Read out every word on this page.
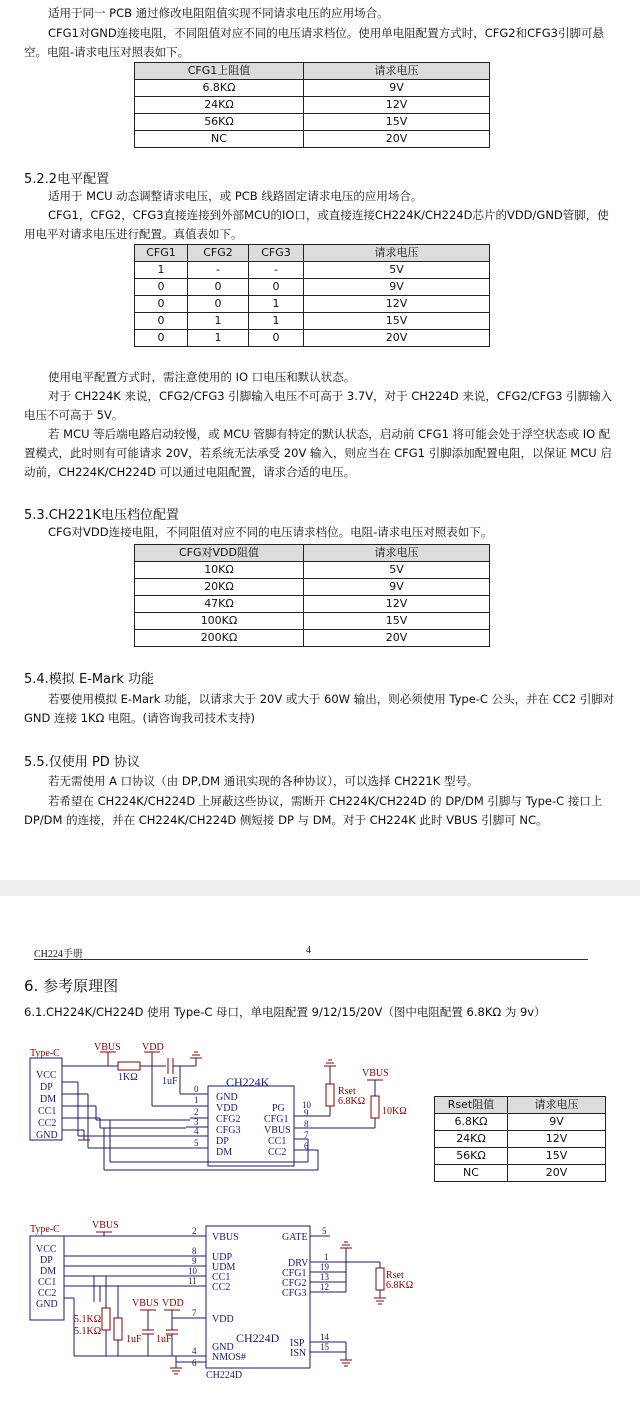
适用于同一 PCB 通过修改电阻阻值实现不同请求电压的应用场合。

CFG1对GND连接电阻，不同阻值对应不同的电压请求档位。使用单电阻配置方式时，CFG2和CFG3引脚可悬空。电阻-请求电压对照表如下。

CFG1上阻值	请求电压
6.8KΩ	9V
24KΩ	12V
56KΩ	15V
NC	20V
5.2.2电平配置

适用于 MCU 动态调整请求电压，或 PCB 线路固定请求电压的应用场合。

CFG1，CFG2，CFG3直接连接到外部MCU的IO口，或直接连接CH224K/CH224D芯片的VDD/GND管脚，使用电平对请求电压进行配置。真值表如下。

CFG1	CFG2	CFG3	请求电压
1	-	-	5V
0	0	0	9V
0	0	1	12V
0	1	1	15V
0	1	0	20V

使用电平配置方式时，需注意使用的 IO 口电压和默认状态。

对于 CH224K 来说，CFG2/CFG3 引脚输入电压不可高于 3.7V，对于 CH224D 来说，CFG2/CFG3 引脚输入电压不可高于 5V。

若 MCU 等后端电路启动较慢，或 MCU 管脚有特定的默认状态，启动前 CFG1 将可能会处于浮空状态或 IO 配置模式，此时则有可能请求 20V，若系统无法承受 20V 输入，则应当在 CFG1 引脚添加配置电阻，以保证 MCU 启动前，CH224K/CH224D 可以通过电阻配置，请求合适的电压。

5.3.CH221K电压档位配置

CFG对VDD连接电阻，不同阻值对应不同的电压请求档位。电阻-请求电压对照表如下。

CFG对VDD阻值	请求电压
10KΩ	5V
20KΩ	9V
47KΩ	12V
100KΩ	15V
200KΩ	20V
5.4.模拟 E-Mark 功能

若要使用模拟 E-Mark 功能，以请求大于 20V 或大于 60W 输出，则必须使用 Type-C 公头，并在 CC2 引脚对 GND 连接 1KΩ 电阻。(请咨询我司技术支持)

5.5.仅使用 PD 协议

若无需使用 A 口协议（由 DP,DM 通讯实现的各种协议），可以选择 CH221K 型号。

若希望在 CH224K/CH224D 上屏蔽这些协议，需断开 CH224K/CH224D 的 DP/DM 引脚与 Type-C 接口上 DP/DM 的连接，并在 CH224K/CH224D 侧短接 DP 与 DM。对于 CH224K 此时 VBUS 引脚可 NC。

CH224手册	4
6. 参考原理图

6.1.CH224K/CH224D 使用 Type-C 母口，单电阻配置 9/12/15/20V（图中电阻配置 6.8KΩ 为 9v）

Type-C
VCC
DP
DM
CC1
CC2
GND
VBUS VDD
1KΩ 1uF	CH224K
GND
VDD
CFG2
CFG3
DP
DM
0
1
2
3
4
5
PG
CFG1
VBUS
CC1
CC2
10
9
8
7
6
Rset
6.8KΩ
VBUS
10KΩ
Rset阻值	请求电压
6.8KΩ	9V
24KΩ	12V
56KΩ	15V
NC	20V
Type-C
VCC
DP
DM
CC1
CC2
GND
VBUS
VBUS VDD
5.1KΩ
5.1KΩ
1uF 1uF
VBUS
UDP
UDM
CC1
CC2
VDD
GND
NMOS#
2
8
9
10
11
7
4
6
GATE
DRV
CFG1
CFG2
CFG3
ISP
ISN
5
1
19
13
12
14
15
CH224D
CH224D
Rset
6.8KΩ
